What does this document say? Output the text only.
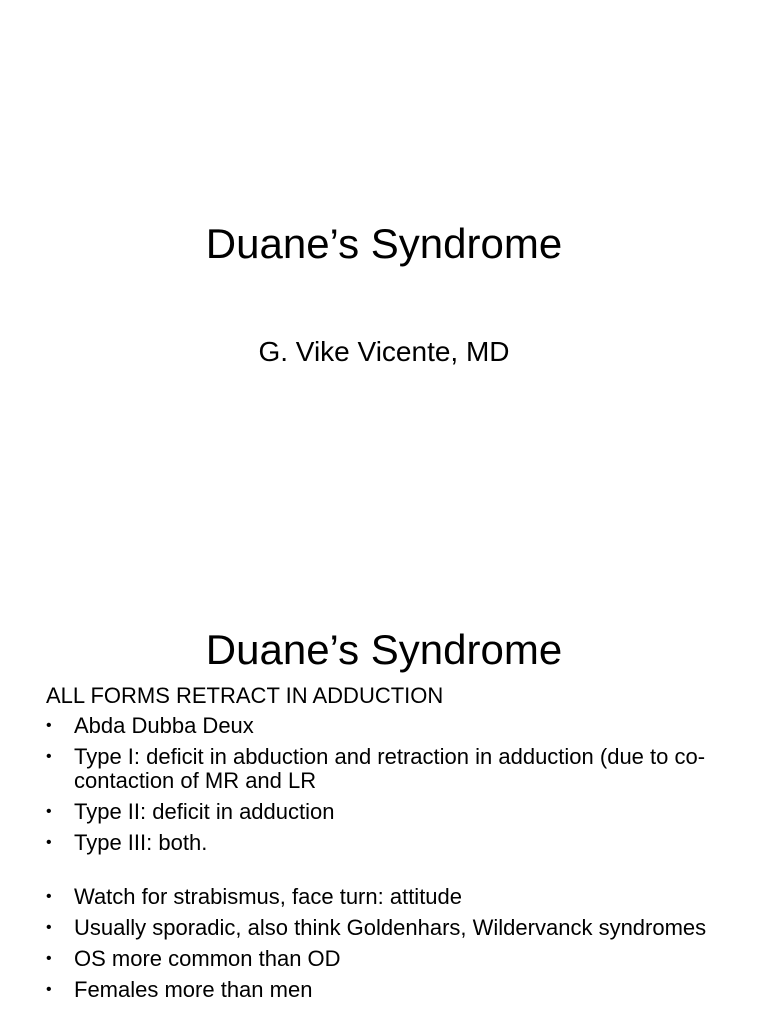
Duane’s Syndrome

G. Vike Vicente, MD

Duane’s Syndrome

ALL FORMS RETRACT IN ADDUCTION

• Abda Dubba Deux
• Type I: deficit in abduction and retraction in adduction (due to co-contaction of MR and LR
• Type II: deficit in adduction
• Type III: both.
• Watch for strabismus, face turn: attitude
• Usually sporadic, also think Goldenhars, Wildervanck syndromes
• OS more common than OD
• Females more than men
